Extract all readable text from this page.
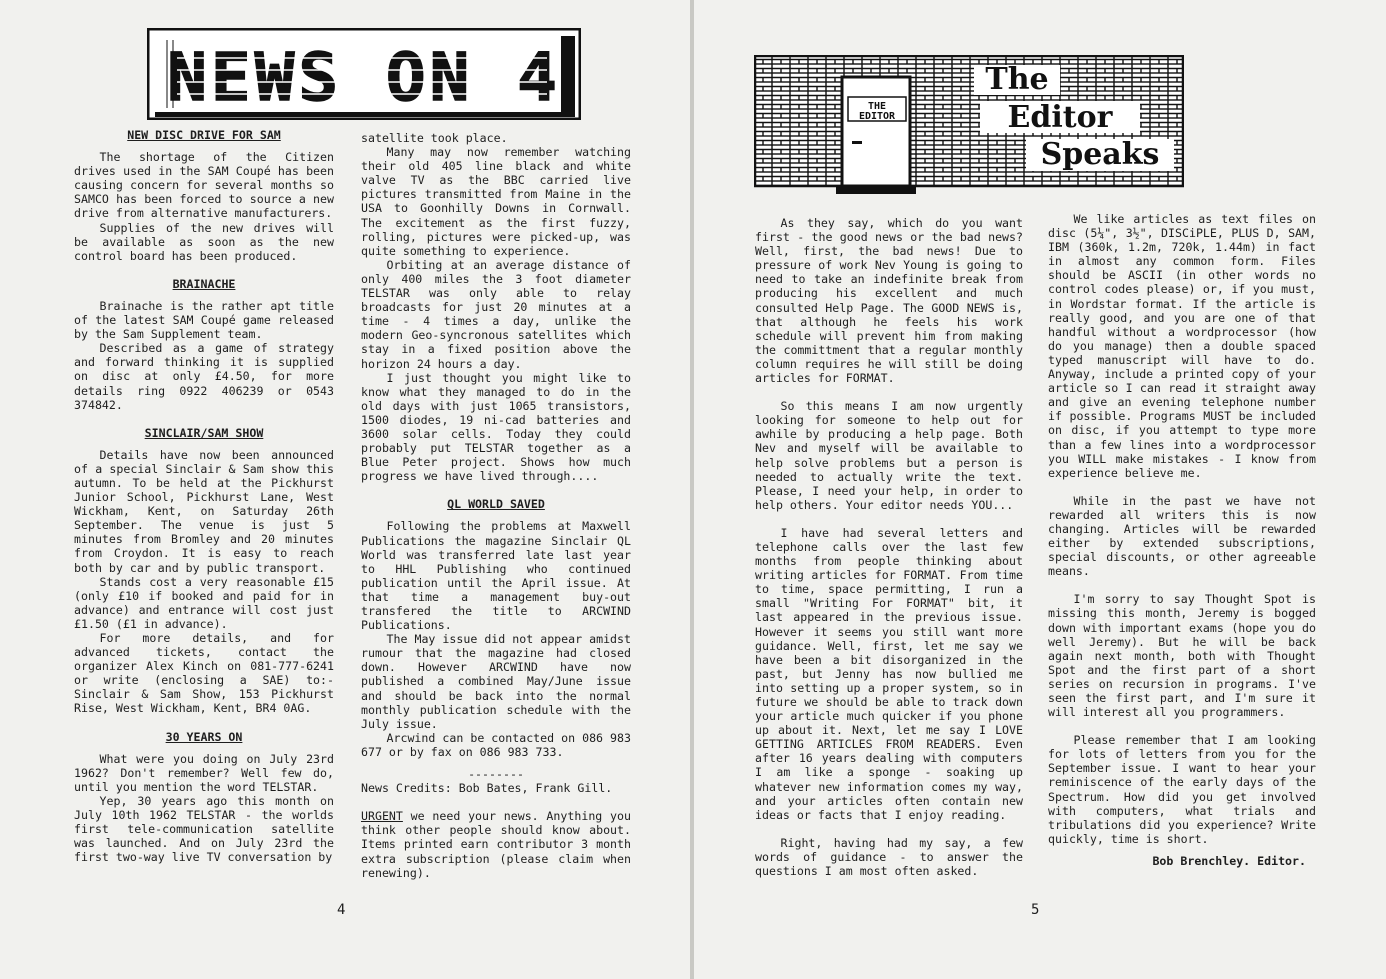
NEWS ON 4
NEW DISC DRIVE FOR SAM

The shortage of the Citizen drives used in the SAM Coupé has been causing concern for several months so SAMCO has been forced to source a new drive from alternative manufacturers.

Supplies of the new drives will be available as soon as the new control board has been produced.

BRAINACHE

Brainache is the rather apt title of the latest SAM Coupé game released by the Sam Supplement team.

Described as a game of strategy and forward thinking it is supplied on disc at only £4.50, for more details ring 0922 406239 or 0543 374842.

SINCLAIR/SAM SHOW

Details have now been announced of a special Sinclair & Sam show this autumn. To be held at the Pickhurst Junior School, Pickhurst Lane, West Wickham, Kent, on Saturday 26th September. The venue is just 5 minutes from Bromley and 20 minutes from Croydon. It is easy to reach both by car and by public transport.

Stands cost a very reasonable £15 (only £10 if booked and paid for in advance) and entrance will cost just £1.50 (£1 in advance).

For more details, and for advanced tickets, contact the organizer Alex Kinch on 081-777-6241 or write (enclosing a SAE) to:- Sinclair & Sam Show, 153 Pickhurst Rise, West Wickham, Kent, BR4 0AG.

30 YEARS ON

What were you doing on July 23rd 1962? Don't remember? Well few do, until you mention the word TELSTAR.

Yep, 30 years ago this month on July 10th 1962 TELSTAR - the worlds first tele-communication satellite was launched. And on July 23rd the first two-way live TV conversation by

satellite took place.

Many may now remember watching their old 405 line black and white valve TV as the BBC carried live pictures transmitted from Maine in the USA to Goonhilly Downs in Cornwall. The excitement as the first fuzzy, rolling, pictures were picked-up, was quite something to experience.

Orbiting at an average distance of only 400 miles the 3 foot diameter TELSTAR was only able to relay broadcasts for just 20 minutes at a time - 4 times a day, unlike the modern Geo-syncronous satellites which stay in a fixed position above the horizon 24 hours a day.

I just thought you might like to know what they managed to do in the old days with just 1065 transistors, 1500 diodes, 19 ni-cad batteries and 3600 solar cells. Today they could probably put TELSTAR together as a Blue Peter project. Shows how much progress we have lived through....

QL WORLD SAVED

Following the problems at Maxwell Publications the magazine Sinclair QL World was transferred late last year to HHL Publishing who continued publication until the April issue. At that time a management buy-out transfered the title to ARCWIND Publications.

The May issue did not appear amidst rumour that the magazine had closed down. However ARCWIND have now published a combined May/June issue and should be back into the normal monthly publication schedule with the July issue.

Arcwind can be contacted on 086 983 677 or by fax on 086 983 733.

--------

News Credits: Bob Bates, Frank Gill.

URGENT we need your news. Anything you think other people should know about. Items printed earn contributor 3 month extra subscription (please claim when renewing).

4
THE
EDITOR
The
Editor
Speaks

As they say, which do you want first - the good news or the bad news? Well, first, the bad news! Due to pressure of work Nev Young is going to need to take an indefinite break from producing his excellent and much consulted Help Page. The GOOD NEWS is, that although he feels his work schedule will prevent him from making the committment that a regular monthly column requires he will still be doing articles for FORMAT.

So this means I am now urgently looking for someone to help out for awhile by producing a help page. Both Nev and myself will be available to help solve problems but a person is needed to actually write the text. Please, I need your help, in order to help others. Your editor needs YOU...

I have had several letters and telephone calls over the last few months from people thinking about writing articles for FORMAT. From time to time, space permitting, I run a small "Writing For FORMAT" bit, it last appeared in the previous issue. However it seems you still want more guidance. Well, first, let me say we have been a bit disorganized in the past, but Jenny has now bullied me into setting up a proper system, so in future we should be able to track down your article much quicker if you phone up about it. Next, let me say I LOVE GETTING ARTICLES FROM READERS. Even after 16 years dealing with computers I am like a sponge - soaking up whatever new information comes my way, and your articles often contain new ideas or facts that I enjoy reading.

Right, having had my say, a few words of guidance - to answer the questions I am most often asked.

We like articles as text files on disc (5¼", 3½", DISCiPLE, PLUS D, SAM, IBM (360k, 1.2m, 720k, 1.44m) in fact in almost any common form. Files should be ASCII (in other words no control codes please) or, if you must, in Wordstar format. If the article is really good, and you are one of that handful without a wordprocessor (how do you manage) then a double spaced typed manuscript will have to do. Anyway, include a printed copy of your article so I can read it straight away and give an evening telephone number if possible. Programs MUST be included on disc, if you attempt to type more than a few lines into a wordprocessor you WILL make mistakes - I know from experience believe me.

While in the past we have not rewarded all writers this is now changing. Articles will be rewarded either by extended subscriptions, special discounts, or other agreeable means.

I'm sorry to say Thought Spot is missing this month, Jeremy is bogged down with important exams (hope you do well Jeremy). But he will be back again next month, both with Thought Spot and the first part of a short series on recursion in programs. I've seen the first part, and I'm sure it will interest all you programmers.

Please remember that I am looking for lots of letters from you for the September issue. I want to hear your reminiscence of the early days of the Spectrum. How did you get involved with computers, what trials and tribulations did you experience? Write quickly, time is short.

Bob Brenchley. Editor.

5
